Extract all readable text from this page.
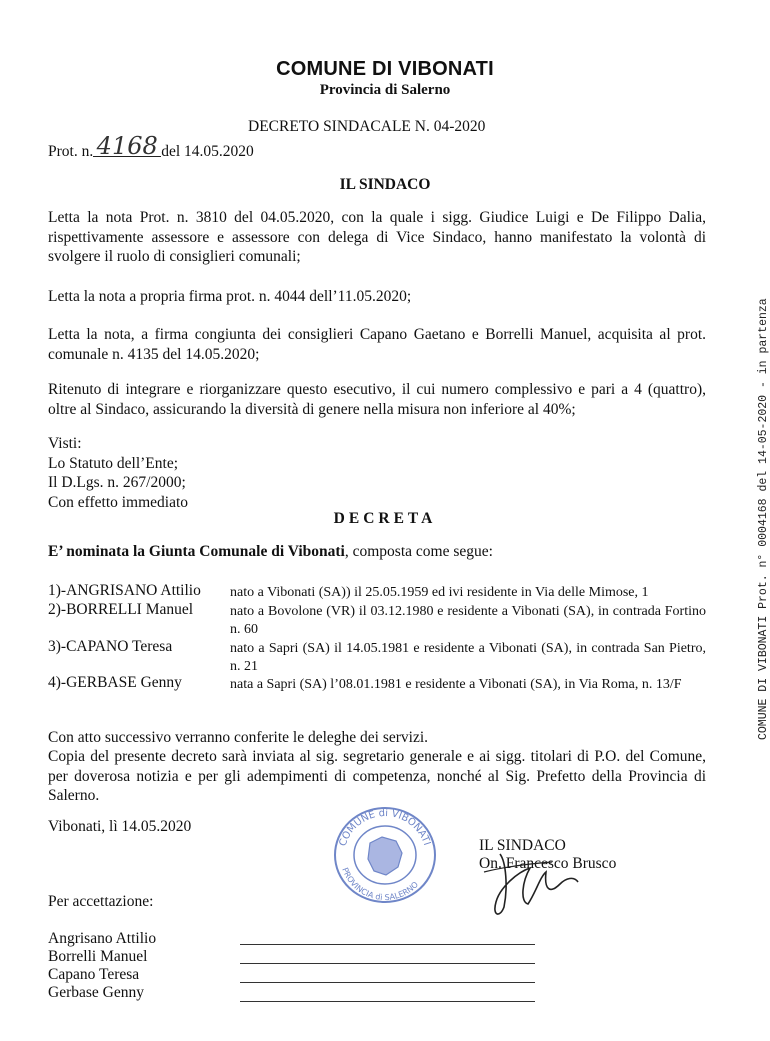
COMUNE DI VIBONATI
Provincia di Salerno
DECRETO SINDACALE N. 04-2020
Prot. n. 4168 del 14.05.2020
IL SINDACO
Letta la nota Prot. n. 3810 del 04.05.2020, con la quale i sigg. Giudice Luigi e De Filippo Dalia, rispettivamente assessore e assessore con delega di Vice Sindaco, hanno manifestato la volontà di svolgere il ruolo di consiglieri comunali;
Letta la nota a propria firma prot. n. 4044 dell’11.05.2020;
Letta la nota, a firma congiunta dei consiglieri Capano Gaetano e Borrelli Manuel, acquisita al prot. comunale n. 4135 del 14.05.2020;
Ritenuto di integrare e riorganizzare questo esecutivo, il cui numero complessivo e pari a 4 (quattro), oltre al Sindaco, assicurando la diversità di genere nella misura non inferiore al 40%;
Visti:
Lo Statuto dell’Ente;
Il D.Lgs. n. 267/2000;
Con effetto immediato
DECRETA
E’ nominata la Giunta Comunale di Vibonati, composta come segue:
1)-ANGRISANO Attilio nato a Vibonati (SA)) il 25.05.1959 ed ivi residente in Via delle Mimose, 1
2)-BORRELLI Manuel	nato a Bovolone (VR) il 03.12.1980 e residente a Vibonati (SA), in contrada Fortino n. 60
3)-CAPANO Teresa	nato a Sapri (SA) il 14.05.1981 e residente a Vibonati (SA), in contrada San Pietro, n. 21
4)-GERBASE Genny	nata a Sapri (SA) l’08.01.1981 e residente a Vibonati (SA), in Via Roma, n. 13/F
Con atto successivo verranno conferite le deleghe dei servizi.
Copia del presente decreto sarà inviata al sig. segretario generale e ai sigg. titolari di P.O. del Comune, per doverosa notizia e per gli adempimenti di competenza, nonché al Sig. Prefetto della Provincia di Salerno.
Vibonati, lì 14.05.2020
COMUNE di VIBONATI
PROVINCIA di SALERNO
IL SINDACO
On. Francesco Brusco
Per accettazione:
Angrisano Attilio
Borrelli Manuel
Capano Teresa
Gerbase Genny
COMUNE DI VIBONATI Prot. n° 0004168 del 14-05-2020 - in partenza
